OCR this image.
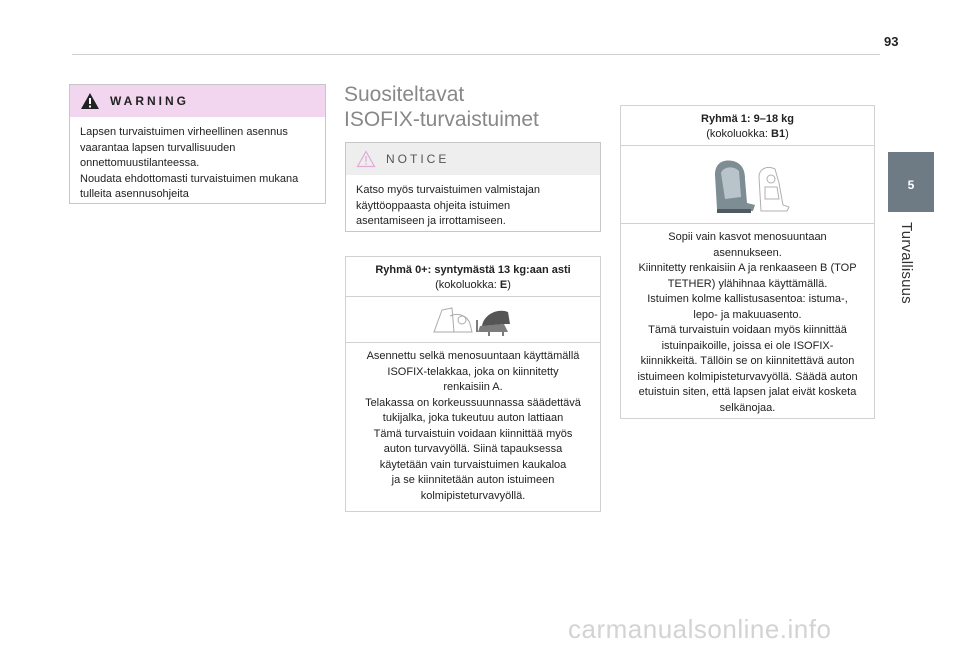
93
5
Turvallisuus
WARNING
Lapsen turvaistuimen virheellinen asennus
vaarantaa lapsen turvallisuuden
onnettomuustilanteessa.
Noudata ehdottomasti turvaistuimen mukana
tulleita asennusohjeita
Suositeltavat
ISOFIX-turvaistuimet
NOTICE
Katso myös turvaistuimen valmistajan
käyttöoppaasta ohjeita istuimen
asentamiseen ja irrottamiseen.
Ryhmä 0+: syntymästä 13 kg:aan asti
(kokoluokka: E)
Asennettu selkä menosuuntaan käyttämällä
ISOFIX-telakkaa, joka on kiinnitetty
renkaisiin A.
Telakassa on korkeussuunnassa säädettävä
tukijalka, joka tukeutuu auton lattiaan
Tämä turvaistuin voidaan kiinnittää myös
auton turvavyöllä. Siinä tapauksessa
käytetään vain turvaistuimen kaukaloa
ja se kiinnitetään auton istuimeen
kolmipisteturvavyöllä.
Ryhmä 1: 9–18 kg
(kokoluokka: B1)
Sopii vain kasvot menosuuntaan
asennukseen.
Kiinnitetty renkaisiin A ja renkaaseen B (TOP
TETHER) ylähihnaa käyttämällä.
Istuimen kolme kallistusasentoa: istuma-,
lepo- ja makuuasento.
Tämä turvaistuin voidaan myös kiinnittää
istuinpaikoille, joissa ei ole ISOFIX-
kiinnikkeitä. Tällöin se on kiinnitettävä auton
istuimeen kolmipisteturvavyöllä. Säädä auton
etuistuin siten, että lapsen jalat eivät kosketa
selkänojaa.
carmanualsonline.info
